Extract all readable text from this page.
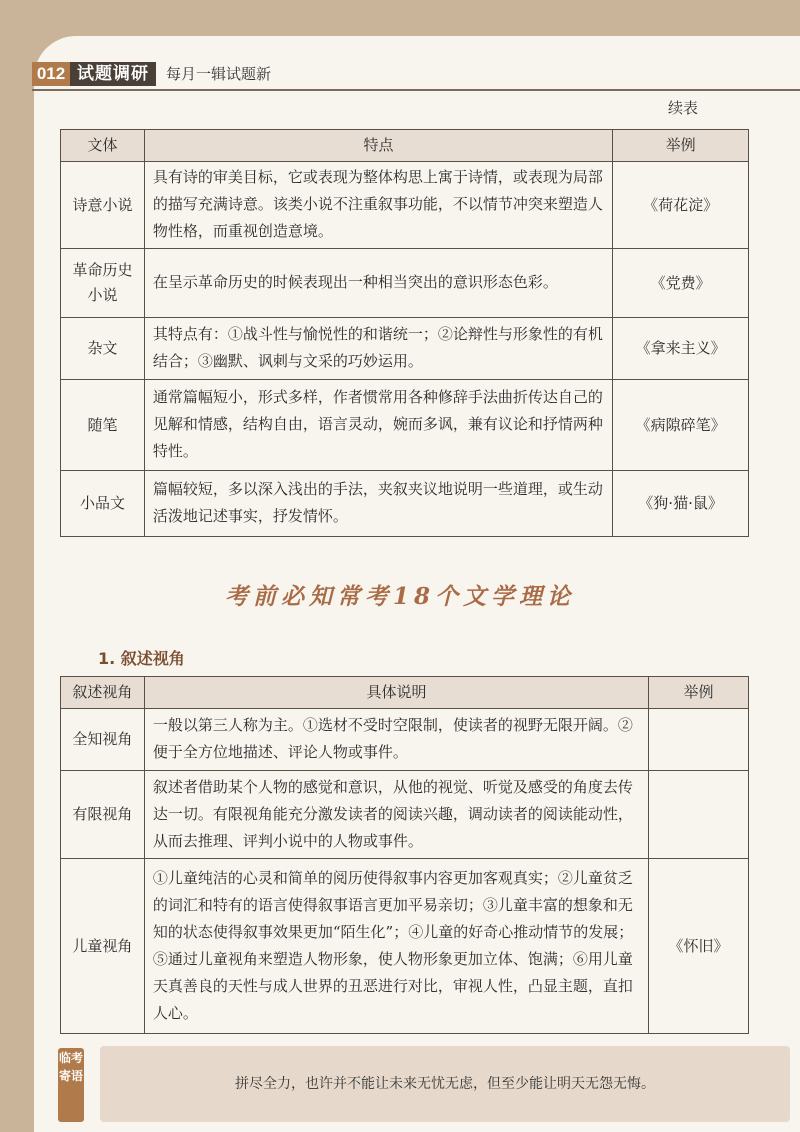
012 试题调研	每月一辑试题新
续表
文体	特点	举例
诗意小说	具有诗的审美目标，它或表现为整体构思上寓于诗情，或表现为局部的描写充满诗意。该类小说不注重叙事功能，不以情节冲突来塑造人物性格，而重视创造意境。	《荷花淀》
革命历史小说	在呈示革命历史的时候表现出一种相当突出的意识形态色彩。	《党费》
杂文	其特点有：①战斗性与愉悦性的和谐统一；②论辩性与形象性的有机结合；③幽默、讽刺与文采的巧妙运用。	《拿来主义》
随笔	通常篇幅短小，形式多样，作者惯常用各种修辞手法曲折传达自己的见解和情感，结构自由，语言灵动，婉而多讽，兼有议论和抒情两种特性。	《病隙碎笔》
小品文	篇幅较短，多以深入浅出的手法，夹叙夹议地说明一些道理，或生动活泼地记述事实，抒发情怀。	《狗·猫·鼠》
考前必知常考18个文学理论
1. 叙述视角
叙述视角	具体说明	举例
全知视角	一般以第三人称为主。①选材不受时空限制，使读者的视野无限开阔。②便于全方位地描述、评论人物或事件。	
有限视角	叙述者借助某个人物的感觉和意识，从他的视觉、听觉及感受的角度去传达一切。有限视角能充分激发读者的阅读兴趣，调动读者的阅读能动性，从而去推理、评判小说中的人物或事件。	
儿童视角	①儿童纯洁的心灵和简单的阅历使得叙事内容更加客观真实；②儿童贫乏的词汇和特有的语言使得叙事语言更加平易亲切；③儿童丰富的想象和无知的状态使得叙事效果更加“陌生化”；④儿童的好奇心推动情节的发展；⑤通过儿童视角来塑造人物形象，使人物形象更加立体、饱满；⑥用儿童天真善良的天性与成人世界的丑恶进行对比，审视人性，凸显主题，直扣人心。	《怀旧》
临考寄语	拼尽全力，也许并不能让未来无忧无虑，但至少能让明天无怨无悔。
